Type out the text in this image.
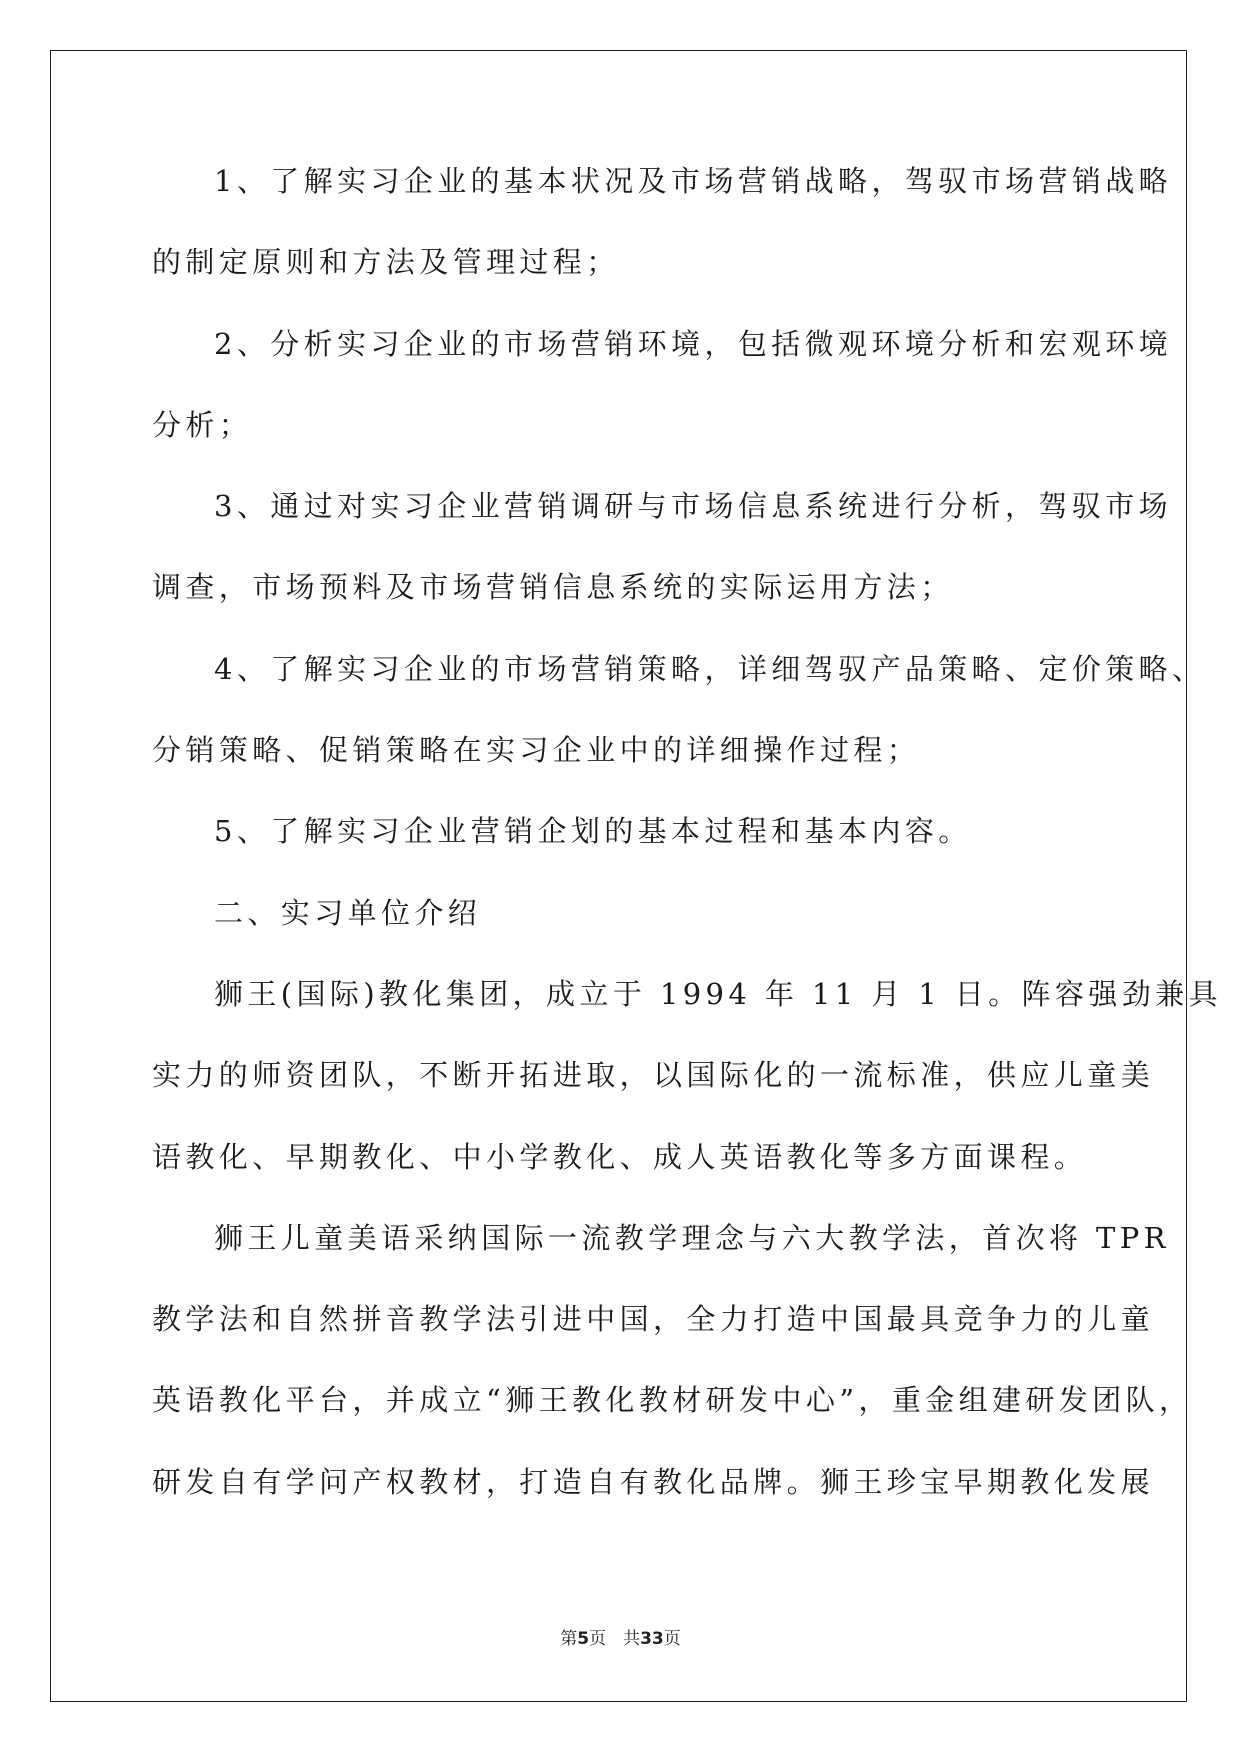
1、了解实习企业的基本状况及市场营销战略，驾驭市场营销战略
的制定原则和方法及管理过程；
2、分析实习企业的市场营销环境，包括微观环境分析和宏观环境
分析；
3、通过对实习企业营销调研与市场信息系统进行分析，驾驭市场
调查，市场预料及市场营销信息系统的实际运用方法；
4、了解实习企业的市场营销策略，详细驾驭产品策略、定价策略、
分销策略、促销策略在实习企业中的详细操作过程；
5、了解实习企业营销企划的基本过程和基本内容。
二、实习单位介绍
狮王(国际)教化集团，成立于 1994 年 11 月 1 日。阵容强劲兼具
实力的师资团队，不断开拓进取，以国际化的一流标准，供应儿童美
语教化、早期教化、中小学教化、成人英语教化等多方面课程。
狮王儿童美语采纳国际一流教学理念与六大教学法，首次将 TPR
教学法和自然拼音教学法引进中国，全力打造中国最具竞争力的儿童
英语教化平台，并成立“狮王教化教材研发中心”，重金组建研发团队，
研发自有学问产权教材，打造自有教化品牌。狮王珍宝早期教化发展
第5页　共33页
